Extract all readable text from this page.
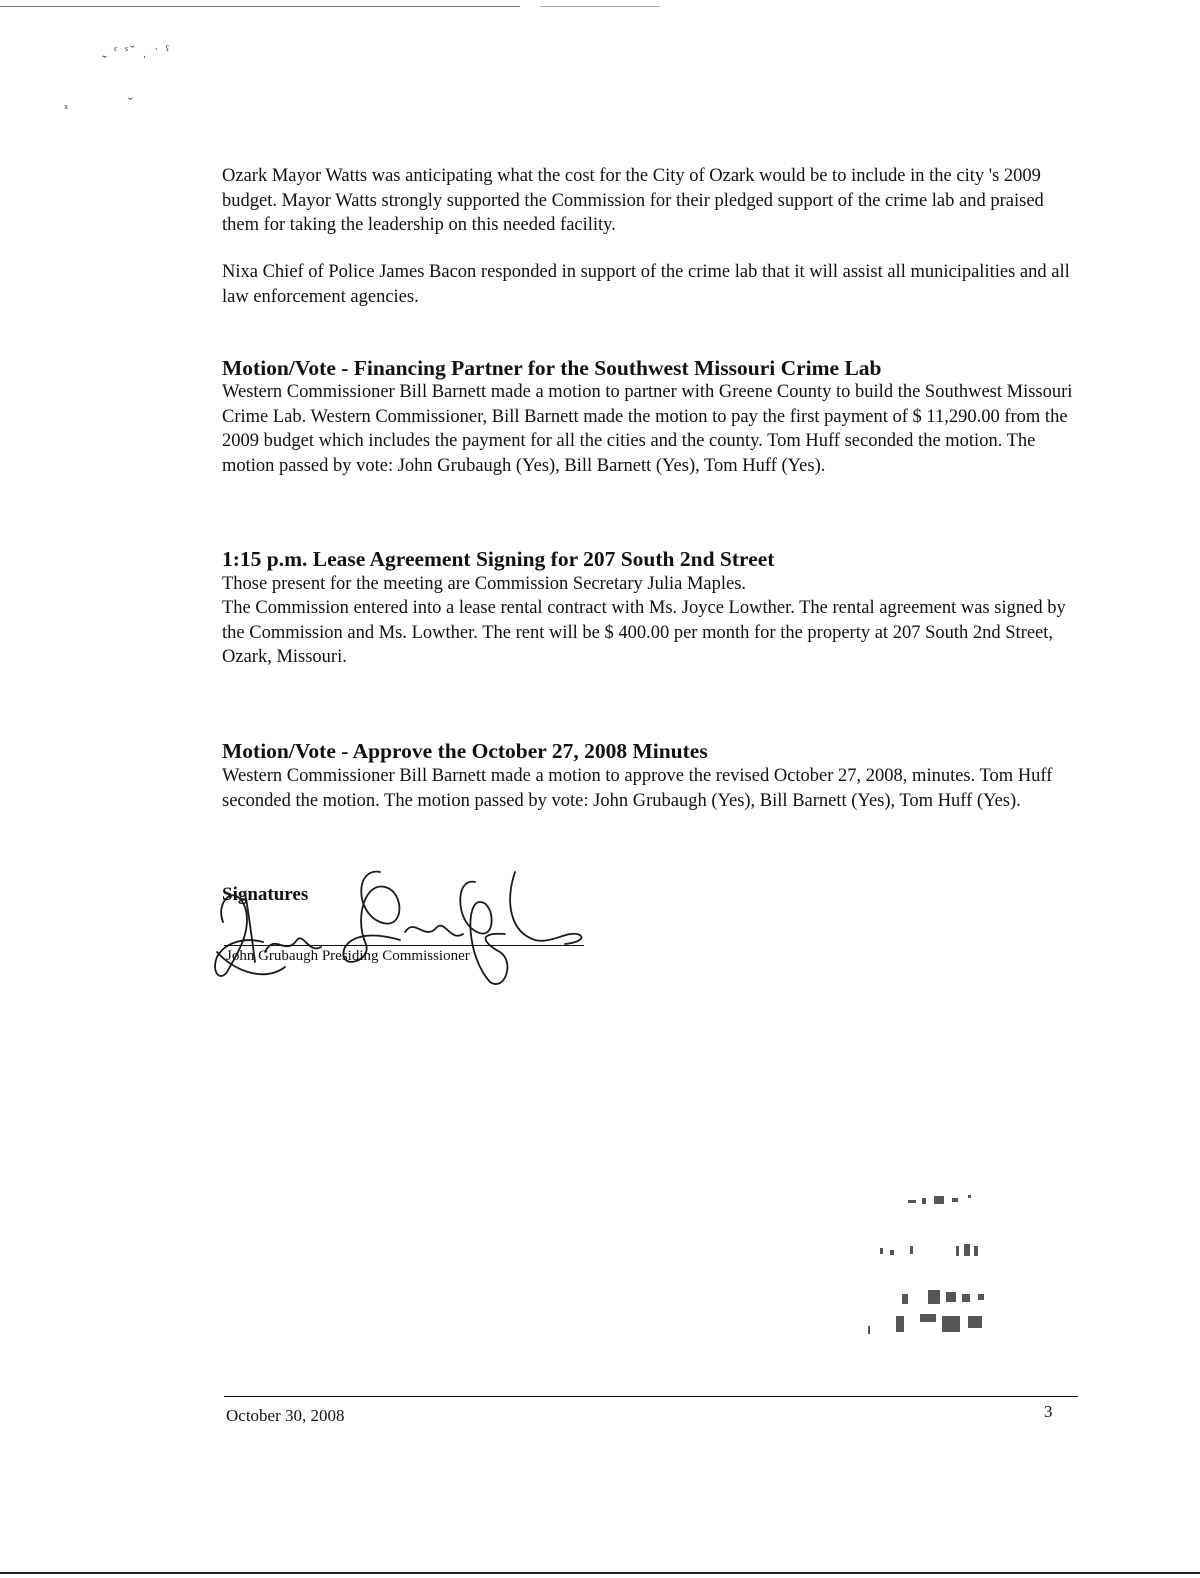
˷ ᵋ ˢ˘ ˌ ˑ ˤ
ˣ	˘

Ozark Mayor Watts was anticipating what the cost for the City of Ozark would be to include in the city 's 2009 budget. Mayor Watts strongly supported the Commission for their pledged support of the crime lab and praised them for taking the leadership on this needed facility.

Nixa Chief of Police James Bacon responded in support of the crime lab that it will assist all municipalities and all law enforcement agencies.

Motion/Vote - Financing Partner for the Southwest Missouri Crime Lab

Western Commissioner Bill Barnett made a motion to partner with Greene County to build the Southwest Missouri Crime Lab. Western Commissioner, Bill Barnett made the motion to pay the first payment of $ 11,290.00 from the 2009 budget which includes the payment for all the cities and the county. Tom Huff seconded the motion. The motion passed by vote: John Grubaugh (Yes), Bill Barnett (Yes), Tom Huff (Yes).

1:15 p.m. Lease Agreement Signing for 207 South 2nd Street

Those present for the meeting are Commission Secretary Julia Maples.

The Commission entered into a lease rental contract with Ms. Joyce Lowther. The rental agreement was signed by the Commission and Ms. Lowther. The rent will be $ 400.00 per month for the property at 207 South 2nd Street, Ozark, Missouri.

Motion/Vote - Approve the October 27, 2008 Minutes

Western Commissioner Bill Barnett made a motion to approve the revised October 27, 2008, minutes. Tom Huff seconded the motion. The motion passed by vote: John Grubaugh (Yes), Bill Barnett (Yes), Tom Huff (Yes).

Signatures
John Grubaugh Presiding Commissioner
October 30, 2008	3
